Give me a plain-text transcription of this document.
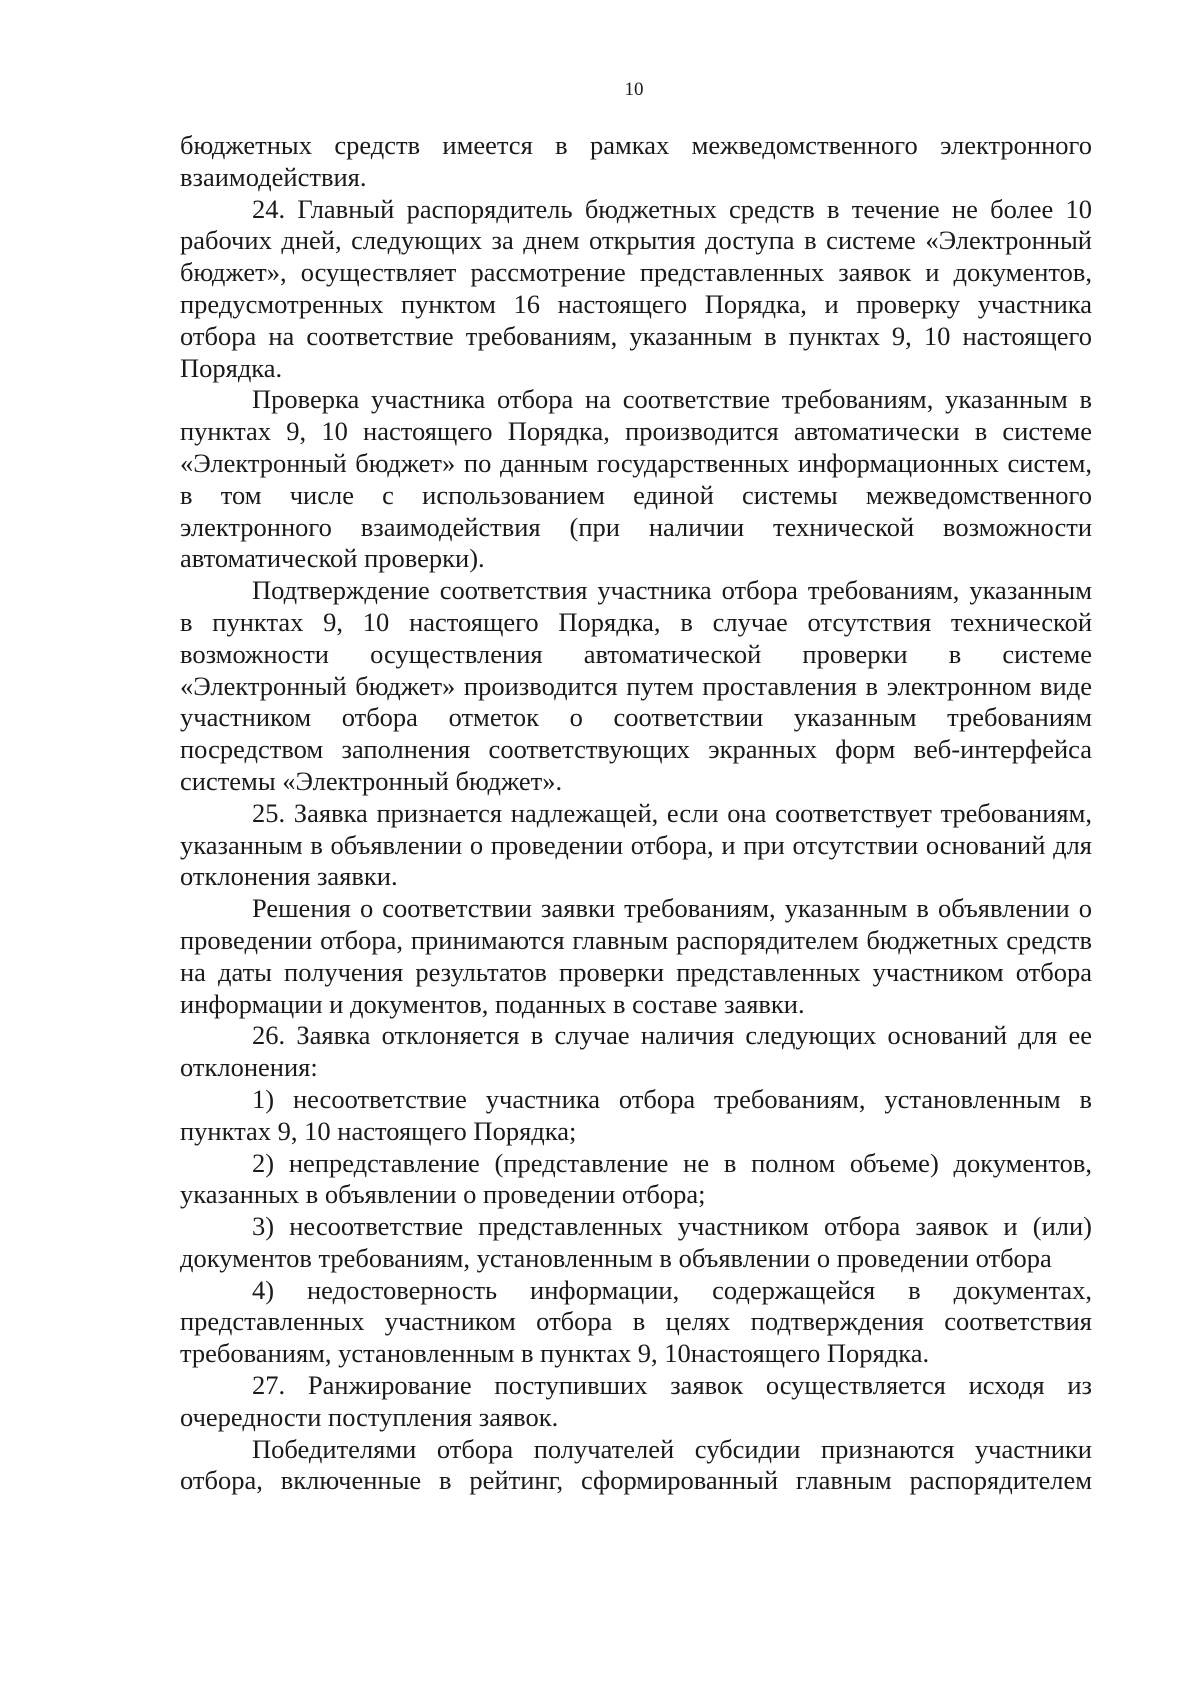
10

бюджетных средств имеется в рамках межведомственного электронного взаимодействия.

24. Главный распорядитель бюджетных средств в течение не более 10 рабочих дней, следующих за днем открытия доступа в системе «Электронный бюджет», осуществляет рассмотрение представленных заявок и документов, предусмотренных пунктом 16 настоящего Порядка, и проверку участника отбора на соответствие требованиям, указанным в пунктах 9, 10 настоящего Порядка.

Проверка участника отбора на соответствие требованиям, указанным в пунктах 9, 10 настоящего Порядка, производится автоматически в системе «Электронный бюджет» по данным государственных информационных систем, в том числе с использованием единой системы межведомственного электронного взаимодействия (при наличии технической возможности автоматической проверки).

Подтверждение соответствия участника отбора требованиям, указанным в пунктах 9, 10 настоящего Порядка, в случае отсутствия технической возможности осуществления автоматической проверки в системе «Электронный бюджет» производится путем проставления в электронном виде участником отбора отметок о соответствии указанным требованиям посредством заполнения соответствующих экранных форм веб-интерфейса системы «Электронный бюджет».

25. Заявка признается надлежащей, если она соответствует требованиям, указанным в объявлении о проведении отбора, и при отсутствии оснований для отклонения заявки.

Решения о соответствии заявки требованиям, указанным в объявлении о проведении отбора, принимаются главным распорядителем бюджетных средств на даты получения результатов проверки представленных участником отбора информации и документов, поданных в составе заявки.

26. Заявка отклоняется в случае наличия следующих оснований для ее отклонения:

1) несоответствие участника отбора требованиям, установленным в пунктах 9, 10 настоящего Порядка;

2) непредставление (представление не в полном объеме) документов, указанных в объявлении о проведении отбора;

3) несоответствие представленных участником отбора заявок и (или) документов требованиям, установленным в объявлении о проведении отбора

4) недостоверность информации, содержащейся в документах, представленных участником отбора в целях подтверждения соответствия требованиям, установленным в пунктах 9, 10настоящего Порядка.

27. Ранжирование поступивших заявок осуществляется исходя из очередности поступления заявок.

Победителями отбора получателей субсидии признаются участники отбора, включенные в рейтинг, сформированный главным распорядителем
